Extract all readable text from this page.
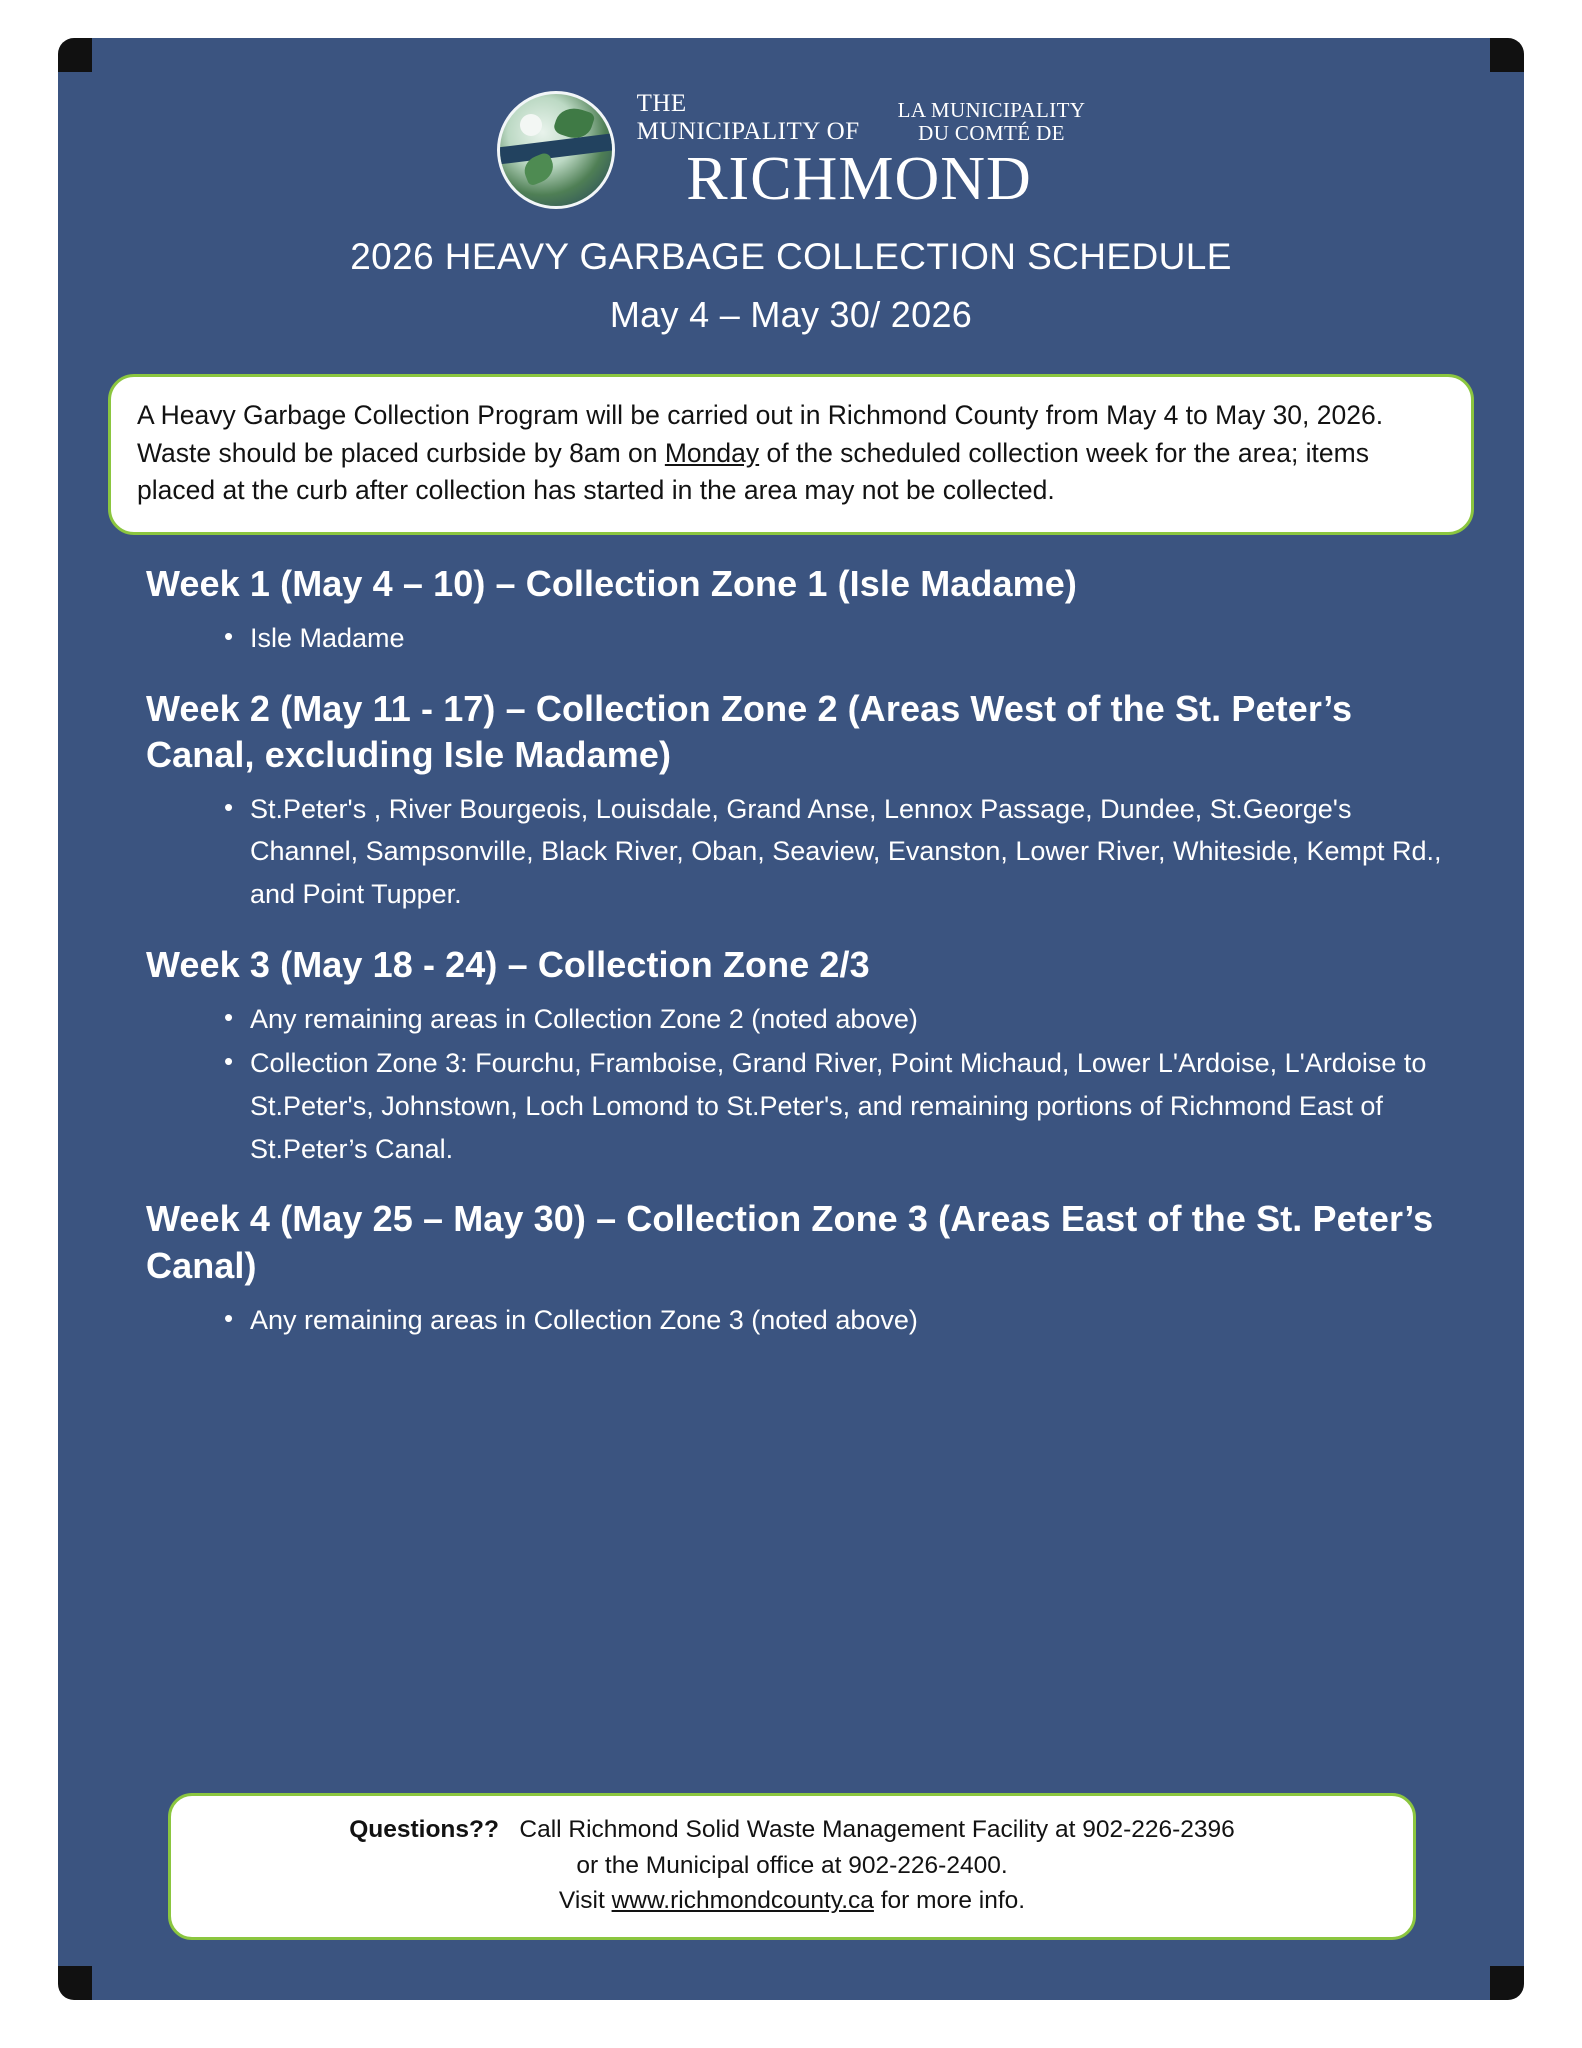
THE
MUNICIPALITY OF
LA MUNICIPALITY
DU COMTÉ DE
RICHMOND
2026 HEAVY GARBAGE COLLECTION SCHEDULE
May 4 – May 30/ 2026
A Heavy Garbage Collection Program will be carried out in Richmond County from May 4 to May 30, 2026. Waste should be placed curbside by 8am on Monday of the scheduled collection week for the area; items placed at the curb after collection has started in the area may not be collected.
Week 1 (May 4 – 10) – Collection Zone 1 (Isle Madame)
• Isle Madame
Week 2 (May 11 - 17) – Collection Zone 2 (Areas West of the St. Peter’s Canal, excluding Isle Madame)
• St.Peter's , River Bourgeois, Louisdale, Grand Anse, Lennox Passage, Dundee, St.George's Channel, Sampsonville, Black River, Oban, Seaview, Evanston, Lower River, Whiteside, Kempt Rd., and Point Tupper.
Week 3 (May 18 - 24) – Collection Zone 2/3
• Any remaining areas in Collection Zone 2 (noted above)
• Collection Zone 3: Fourchu, Framboise, Grand River, Point Michaud, Lower L'Ardoise, L'Ardoise to St.Peter's, Johnstown, Loch Lomond to St.Peter's, and remaining portions of Richmond East of St.Peter’s Canal.
Week 4 (May 25 – May 30) – Collection Zone 3 (Areas East of the St. Peter’s Canal)
• Any remaining areas in Collection Zone 3 (noted above)
Questions?? Call Richmond Solid Waste Management Facility at 902-226-2396
or the Municipal office at 902-226-2400.
Visit www.richmondcounty.ca for more info.
